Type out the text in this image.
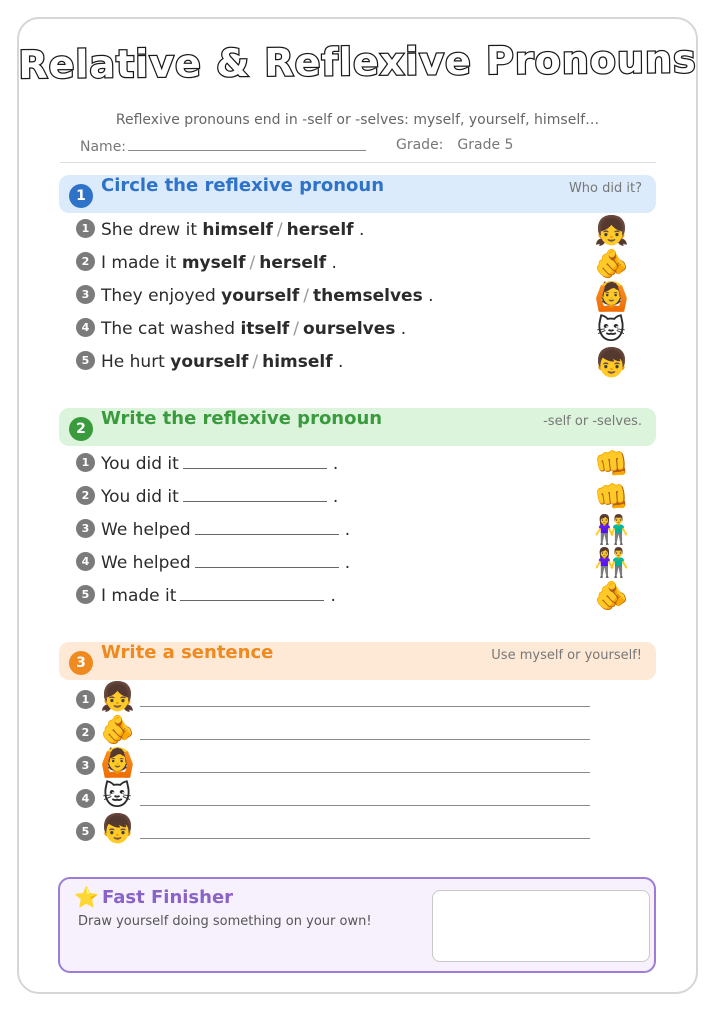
Relative & Reflexive Pronouns
Reflexive pronouns end in -self or -selves: myself, yourself, himself…
Name:	Grade: Grade 5
1 Circle the reflexive pronoun	Who did it?
1 She drew it himself / herself .	👧
2 I made it myself / herself .	🫵
3 They enjoyed yourself / themselves .	🙆
4 The cat washed itself / ourselves .	🐱
5 He hurt yourself / himself .	👦
2 Write the reflexive pronoun	-self or -selves.
1 You did it	.	👊
2 You did it	.	👊
3 We helped	.	👫
4 We helped	.	👫
5 I made it	.	🫵
3 Write a sentence	Use myself or yourself!
1 👧
2 🫵
3 🙆
4 🐱
5 👦
⭐ Fast Finisher
Draw yourself doing something on your own!
